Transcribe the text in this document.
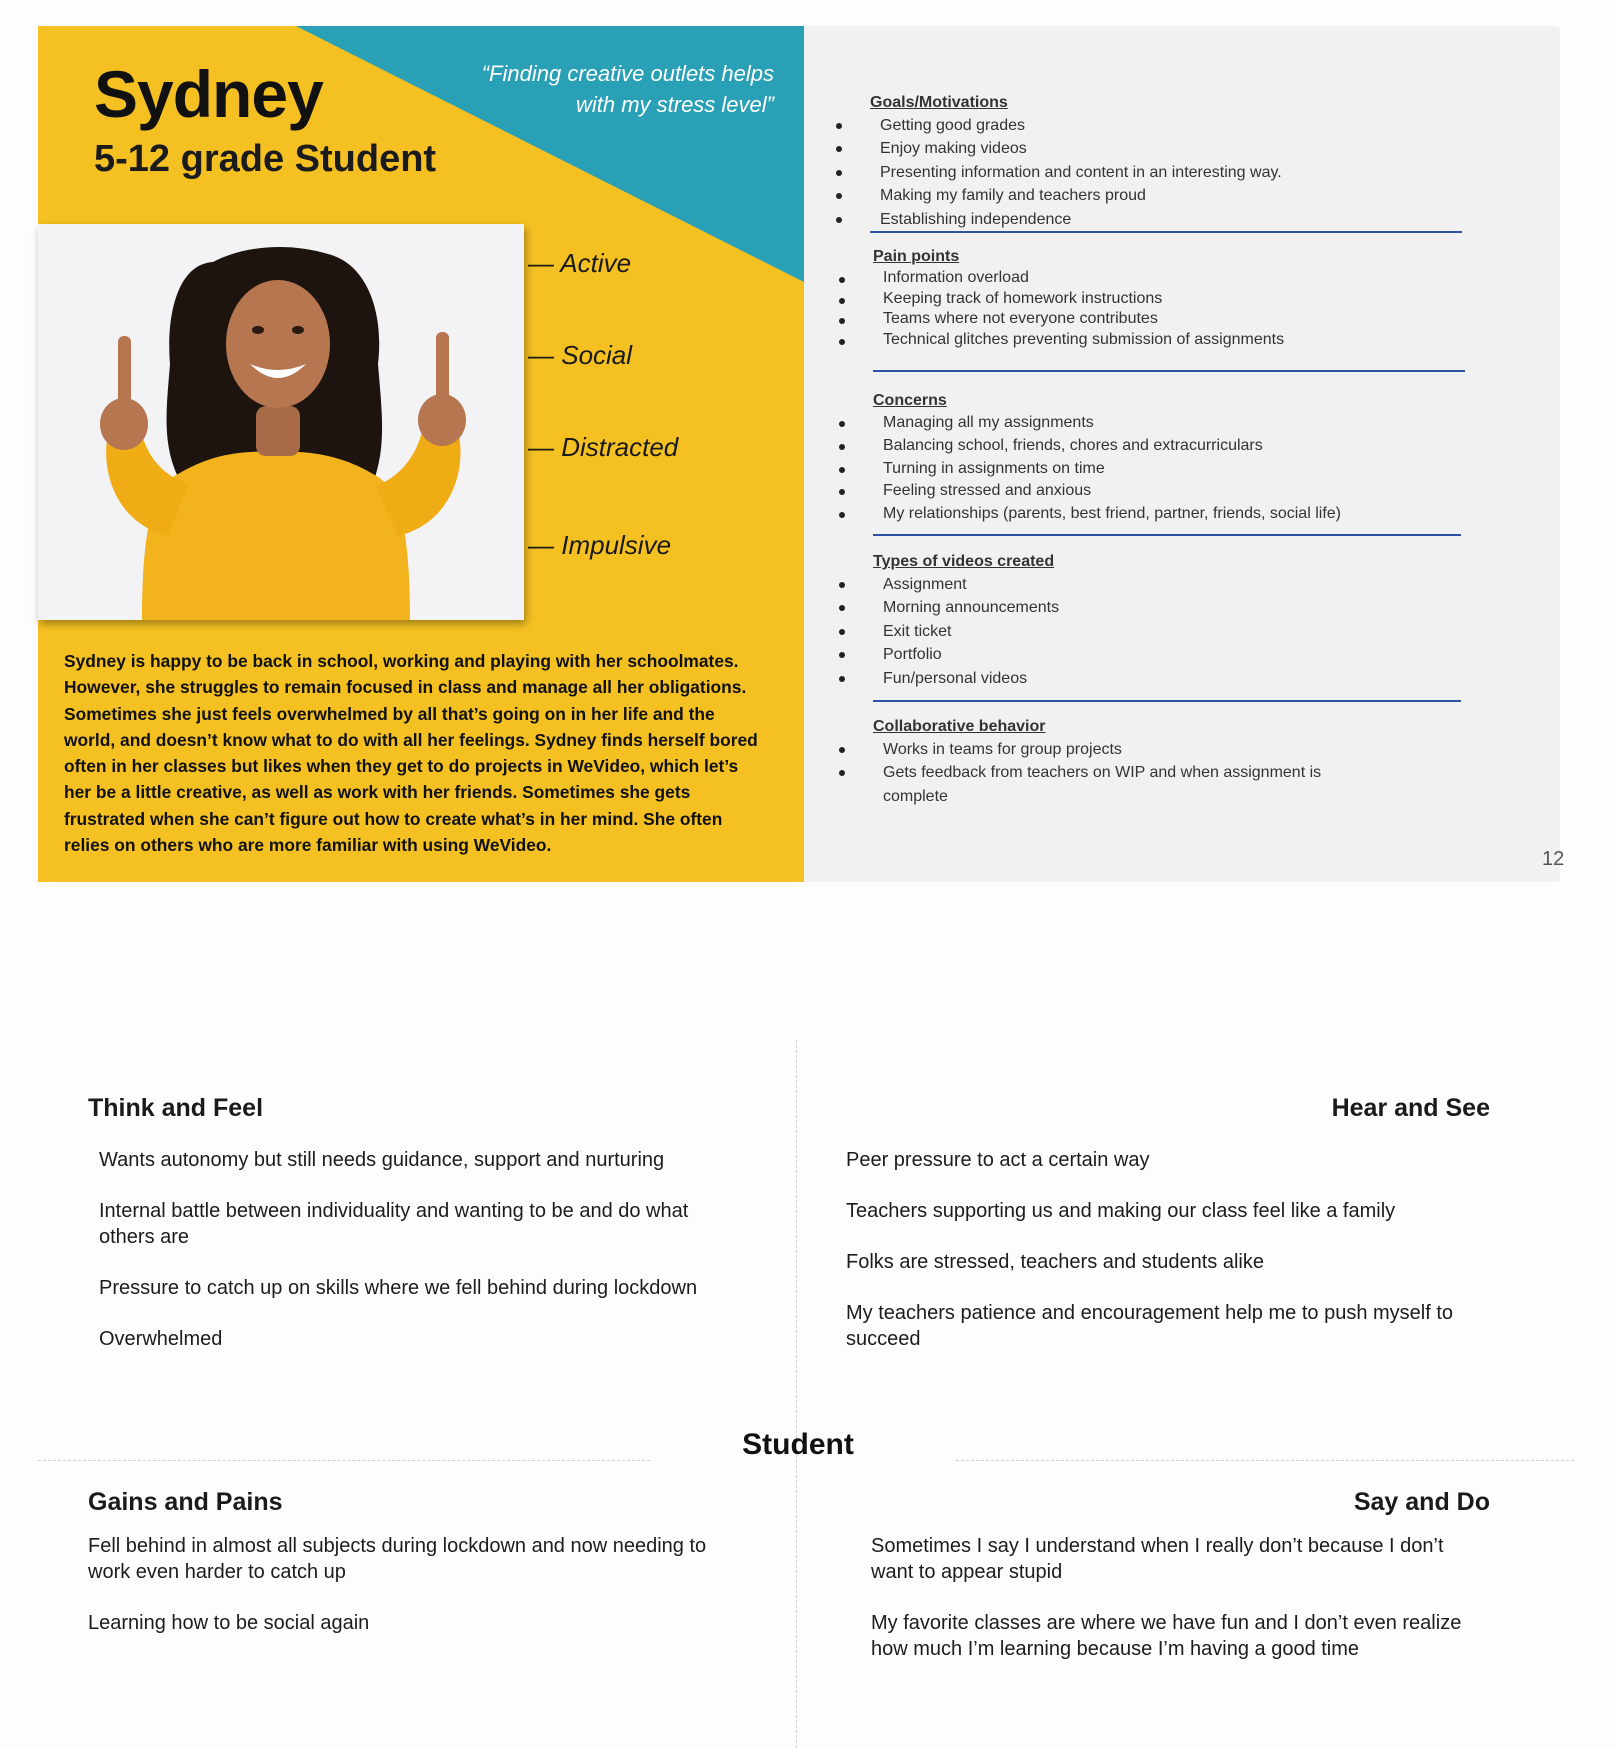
Sydney
5-12 grade Student
“Finding creative outlets helps with my stress level”
— Active
— Social
— Distracted
— Impulsive

Sydney is happy to be back in school, working and playing with her schoolmates. However, she struggles to remain focused in class and manage all her obligations. Sometimes she just feels overwhelmed by all that’s going on in her life and the world, and doesn’t know what to do with all her feelings. Sydney finds herself bored often in her classes but likes when they get to do projects in WeVideo, which let’s her be a little creative, as well as work with her friends. Sometimes she gets frustrated when she can’t figure out how to create what’s in her mind. She often relies on others who are more familiar with using WeVideo.

Goals/Motivations
Getting good grades
Enjoy making videos
Presenting information and content in an interesting way.
Making my family and teachers proud
Establishing independence
Pain points
Information overload
Keeping track of homework instructions
Teams where not everyone contributes
Technical glitches preventing submission of assignments
Concerns
Managing all my assignments
Balancing school, friends, chores and extracurriculars
Turning in assignments on time
Feeling stressed and anxious
My relationships (parents, best friend, partner, friends, social life)
Types of videos created
Assignment
Morning announcements
Exit ticket
Portfolio
Fun/personal videos
Collaborative behavior
Works in teams for group projects
Gets feedback from teachers on WIP and when assignment is complete
12
Think and Feel
Wants autonomy but still needs guidance, support and nurturing
Internal battle between individuality and wanting to be and do what others are
Pressure to catch up on skills where we fell behind during lockdown
Overwhelmed
Hear and See
Peer pressure to act a certain way
Teachers supporting us and making our class feel like a family
Folks are stressed, teachers and students alike
My teachers patience and encouragement help me to push myself to succeed
Student
Gains and Pains
Fell behind in almost all subjects during lockdown and now needing to work even harder to catch up
Learning how to be social again
Say and Do
Sometimes I say I understand when I really don’t because I don’t want to appear stupid
My favorite classes are where we have fun and I don’t even realize how much I’m learning because I’m having a good time
